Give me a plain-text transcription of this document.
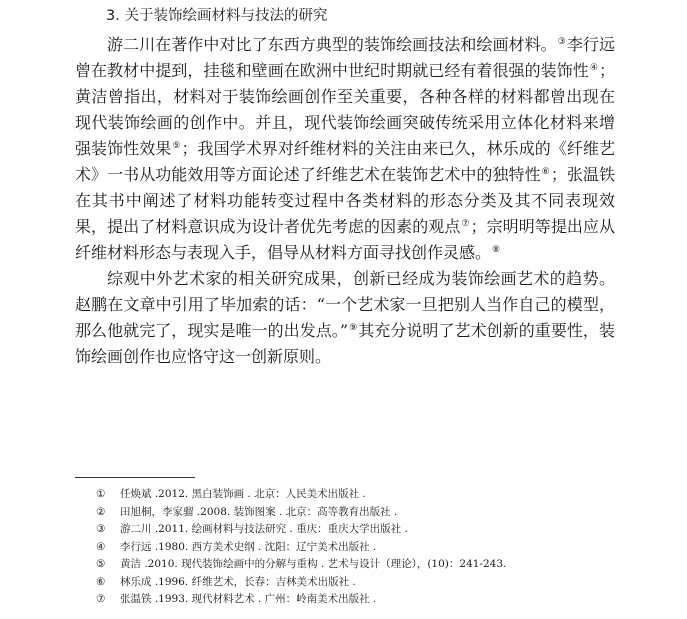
3. 关于装饰绘画材料与技法的研究

游二川在著作中对比了东西方典型的装饰绘画技法和绘画材料。③李行远曾在教材中提到，挂毯和壁画在欧洲中世纪时期就已经有着很强的装饰性④；黄洁曾指出，材料对于装饰绘画创作至关重要，各种各样的材料都曾出现在现代装饰绘画的创作中。并且，现代装饰绘画突破传统采用立体化材料来增强装饰性效果⑤；我国学术界对纤维材料的关注由来已久，林乐成的《纤维艺术》一书从功能效用等方面论述了纤维艺术在装饰艺术中的独特性⑥；张温铁在其书中阐述了材料功能转变过程中各类材料的形态分类及其不同表现效果，提出了材料意识成为设计者优先考虑的因素的观点⑦；宗明明等提出应从纤维材料形态与表现入手，倡导从材料方面寻找创作灵感。⑧

综观中外艺术家的相关研究成果，创新已经成为装饰绘画艺术的趋势。赵鹏在文章中引用了毕加索的话：“一个艺术家一旦把别人当作自己的模型，那么他就完了，现实是唯一的出发点。”⑨其充分说明了艺术创新的重要性，装饰绘画创作也应恪守这一创新原则。

① 任焕斌 .2012. 黑白装饰画 . 北京：人民美术出版社 .
② 田旭桐，李家骝 .2008. 装饰图案 . 北京：高等教育出版社 .
③ 游二川 .2011. 绘画材料与技法研究 . 重庆：重庆大学出版社 .
④ 李行远 .1980. 西方美术史纲 . 沈阳：辽宁美术出版社 .
⑤ 黄洁 .2010. 现代装饰绘画中的分解与重构 . 艺术与设计（理论），(10)：241-243.
⑥ 林乐成 .1996. 纤维艺术，长春：吉林美术出版社 .
⑦ 张温铁 .1993. 现代材料艺术 . 广州：岭南美术出版社 .
